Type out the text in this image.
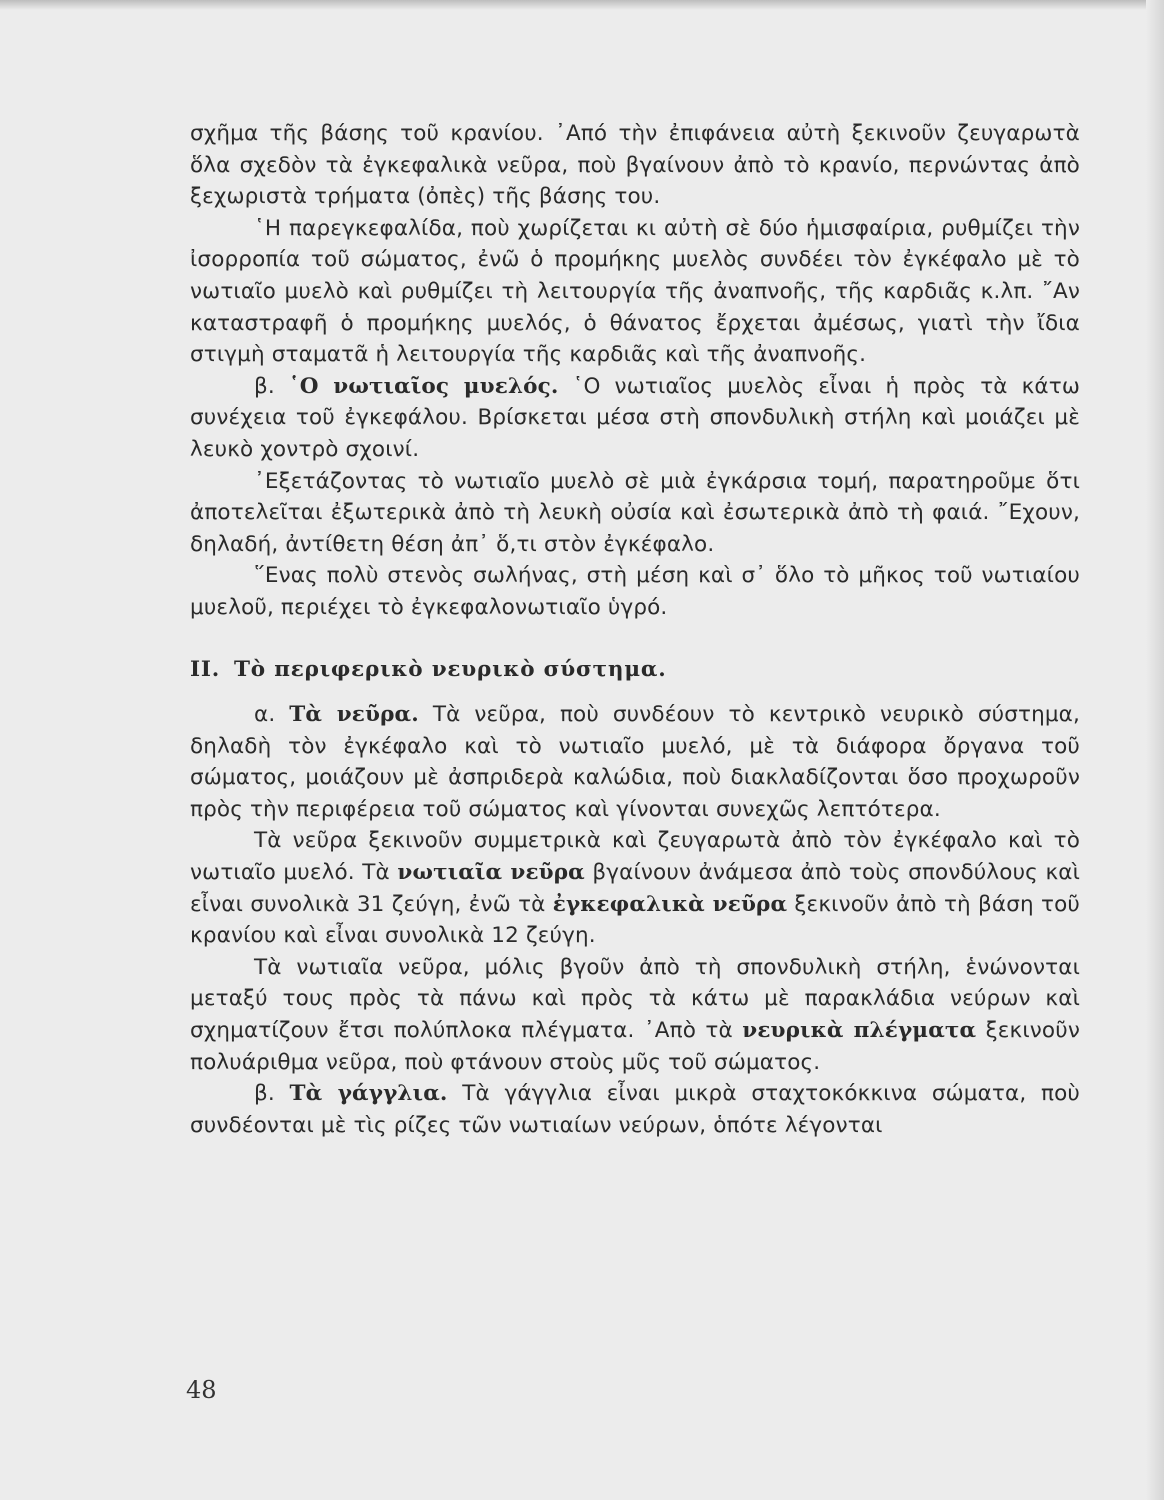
σχῆμα τῆς βάσης τοῦ κρανίου. ᾿Από τὴν ἐπιφάνεια αὐτὴ ξεκινοῦν ζευγαρωτὰ ὅλα σχεδὸν τὰ ἐγκεφαλικὰ νεῦρα, ποὺ βγαίνουν ἀπὸ τὸ κρανίο, περνώντας ἀπὸ ξεχωριστὰ τρήματα (ὀπὲς) τῆς βάσης του.

῾Η παρεγκεφαλίδα, ποὺ χωρίζεται κι αὐτὴ σὲ δύο ἡμισφαίρια, ρυθμίζει τὴν ἰσορροπία τοῦ σώματος, ἐνῶ ὁ προμήκης μυελὸς συνδέει τὸν ἐγκέφαλο μὲ τὸ νωτιαῖο μυελὸ καὶ ρυθμίζει τὴ λειτουργία τῆς ἀναπνοῆς, τῆς καρδιᾶς κ.λπ. ῎Αν καταστραφῆ ὁ προμήκης μυελός, ὁ θάνατος ἔρχεται ἀμέσως, γιατὶ τὴν ἴδια στιγμὴ σταματᾶ ἡ λειτουργία τῆς καρδιᾶς καὶ τῆς ἀναπνοῆς.

β. ῾Ο νωτιαῖος μυελός. ῾Ο νωτιαῖος μυελὸς εἶναι ἡ πρὸς τὰ κάτω συνέχεια τοῦ ἐγκεφάλου. Βρίσκεται μέσα στὴ σπονδυλικὴ στήλη καὶ μοιάζει μὲ λευκὸ χοντρὸ σχοινί.

᾿Εξετάζοντας τὸ νωτιαῖο μυελὸ σὲ μιὰ ἐγκάρσια τομή, παρατηροῦμε ὅτι ἀποτελεῖται ἐξωτερικὰ ἀπὸ τὴ λευκὴ οὐσία καὶ ἐσωτερικὰ ἀπὸ τὴ φαιά. ῎Εχουν, δηλαδή, ἀντίθετη θέση ἀπ᾿ ὅ,τι στὸν ἐγκέφαλο.

῞Ενας πολὺ στενὸς σωλήνας, στὴ μέση καὶ σ᾿ ὅλο τὸ μῆκος τοῦ νωτιαίου μυελοῦ, περιέχει τὸ ἐγκεφαλονωτιαῖο ὑγρό.

II. Τὸ περιφερικὸ νευρικὸ σύστημα.

α. Τὰ νεῦρα. Τὰ νεῦρα, ποὺ συνδέουν τὸ κεντρικὸ νευρικὸ σύστημα, δηλαδὴ τὸν ἐγκέφαλο καὶ τὸ νωτιαῖο μυελό, μὲ τὰ διάφορα ὄργανα τοῦ σώματος, μοιάζουν μὲ ἀσπριδερὰ καλώδια, ποὺ διακλαδίζονται ὅσο προχωροῦν πρὸς τὴν περιφέρεια τοῦ σώματος καὶ γίνονται συνεχῶς λεπτότερα.

Τὰ νεῦρα ξεκινοῦν συμμετρικὰ καὶ ζευγαρωτὰ ἀπὸ τὸν ἐγκέφαλο καὶ τὸ νωτιαῖο μυελό. Τὰ νωτιαῖα νεῦρα βγαίνουν ἀνάμεσα ἀπὸ τοὺς σπονδύλους καὶ εἶναι συνολικὰ 31 ζεύγη, ἐνῶ τὰ ἐγκεφαλικὰ νεῦρα ξεκινοῦν ἀπὸ τὴ βάση τοῦ κρανίου καὶ εἶναι συνολικὰ 12 ζεύγη.

Τὰ νωτιαῖα νεῦρα, μόλις βγοῦν ἀπὸ τὴ σπονδυλικὴ στήλη, ἑνώνονται μεταξύ τους πρὸς τὰ πάνω καὶ πρὸς τὰ κάτω μὲ παρακλάδια νεύρων καὶ σχηματίζουν ἔτσι πολύπλοκα πλέγματα. ᾿Απὸ τὰ νευρικὰ πλέγματα ξεκινοῦν πολυάριθμα νεῦρα, ποὺ φτάνουν στοὺς μῦς τοῦ σώματος.

β. Τὰ γάγγλια. Τὰ γάγγλια εἶναι μικρὰ σταχτοκόκκινα σώματα, ποὺ συνδέονται μὲ τὶς ρίζες τῶν νωτιαίων νεύρων, ὁπότε λέγονται

48
